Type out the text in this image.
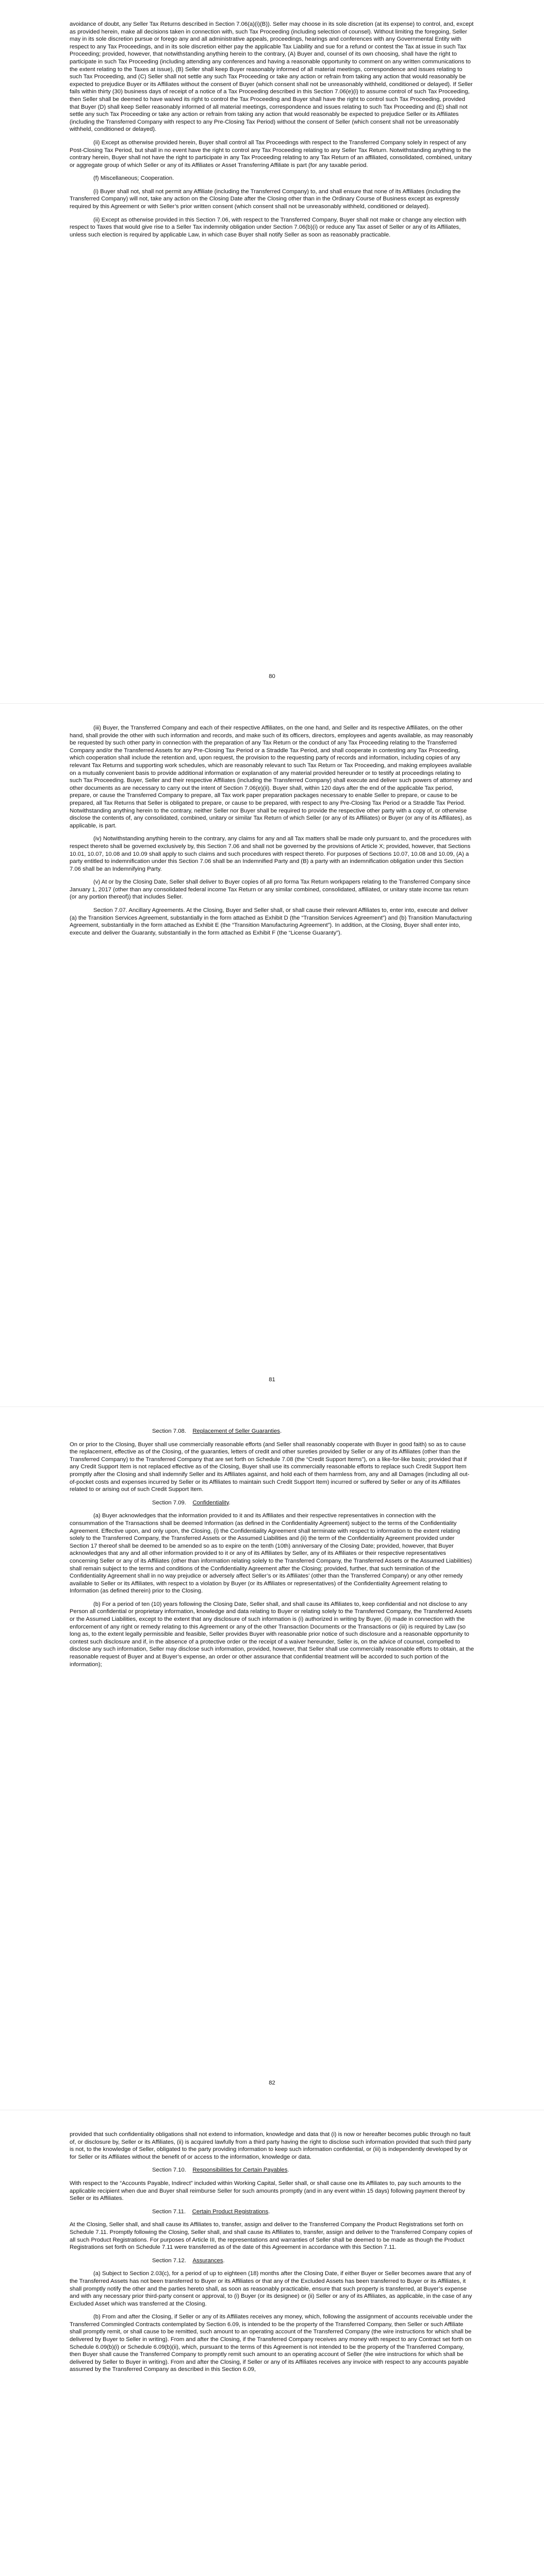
avoidance of doubt, any Seller Tax Returns described in Section 7.06(a)(i)(B)). Seller may choose in its sole discretion (at its expense) to control, and, except as provided herein, make all decisions taken in connection with, such Tax Proceeding (including selection of counsel). Without limiting the foregoing, Seller may in its sole discretion pursue or forego any and all administrative appeals, proceedings, hearings and conferences with any Governmental Entity with respect to any Tax Proceedings, and in its sole discretion either pay the applicable Tax Liability and sue for a refund or contest the Tax at issue in such Tax Proceeding; provided, however, that notwithstanding anything herein to the contrary, (A) Buyer and, counsel of its own choosing, shall have the right to participate in such Tax Proceeding (including attending any conferences and having a reasonable opportunity to comment on any written communications to the extent relating to the Taxes at issue), (B) Seller shall keep Buyer reasonably informed of all material meetings, correspondence and issues relating to such Tax Proceeding, and (C) Seller shall not settle any such Tax Proceeding or take any action or refrain from taking any action that would reasonably be expected to prejudice Buyer or its Affiliates without the consent of Buyer (which consent shall not be unreasonably withheld, conditioned or delayed). If Seller fails within thirty (30) business days of receipt of a notice of a Tax Proceeding described in this Section 7.06(e)(i) to assume control of such Tax Proceeding, then Seller shall be deemed to have waived its right to control the Tax Proceeding and Buyer shall have the right to control such Tax Proceeding, provided that Buyer (D) shall keep Seller reasonably informed of all material meetings, correspondence and issues relating to such Tax Proceeding and (E) shall not settle any such Tax Proceeding or take any action or refrain from taking any action that would reasonably be expected to prejudice Seller or its Affiliates (including the Transferred Company with respect to any Pre-Closing Tax Period) without the consent of Seller (which consent shall not be unreasonably withheld, conditioned or delayed).

(ii) Except as otherwise provided herein, Buyer shall control all Tax Proceedings with respect to the Transferred Company solely in respect of any Post-Closing Tax Period, but shall in no event have the right to control any Tax Proceeding relating to any Seller Tax Return. Notwithstanding anything to the contrary herein, Buyer shall not have the right to participate in any Tax Proceeding relating to any Tax Return of an affiliated, consolidated, combined, unitary or aggregate group of which Seller or any of its Affiliates or Asset Transferring Affiliate is part (for any taxable period.

(f) Miscellaneous; Cooperation.

(i) Buyer shall not, shall not permit any Affiliate (including the Transferred Company) to, and shall ensure that none of its Affiliates (including the Transferred Company) will not, take any action on the Closing Date after the Closing other than in the Ordinary Course of Business except as expressly required by this Agreement or with Seller’s prior written consent (which consent shall not be unreasonably withheld, conditioned or delayed).

(ii) Except as otherwise provided in this Section 7.06, with respect to the Transferred Company, Buyer shall not make or change any election with respect to Taxes that would give rise to a Seller Tax indemnity obligation under Section 7.06(b)(i) or reduce any Tax asset of Seller or any of its Affiliates, unless such election is required by applicable Law, in which case Buyer shall notify Seller as soon as reasonably practicable.

80

(iii) Buyer, the Transferred Company and each of their respective Affiliates, on the one hand, and Seller and its respective Affiliates, on the other hand, shall provide the other with such information and records, and make such of its officers, directors, employees and agents available, as may reasonably be requested by such other party in connection with the preparation of any Tax Return or the conduct of any Tax Proceeding relating to the Transferred Company and/or the Transferred Assets for any Pre-Closing Tax Period or a Straddle Tax Period, and shall cooperate in contesting any Tax Proceeding, which cooperation shall include the retention and, upon request, the provision to the requesting party of records and information, including copies of any relevant Tax Returns and supporting work schedules, which are reasonably relevant to such Tax Return or Tax Proceeding, and making employees available on a mutually convenient basis to provide additional information or explanation of any material provided hereunder or to testify at proceedings relating to such Tax Proceeding. Buyer, Seller and their respective Affiliates (including the Transferred Company) shall execute and deliver such powers of attorney and other documents as are necessary to carry out the intent of Section 7.06(e)(ii). Buyer shall, within 120 days after the end of the applicable Tax period, prepare, or cause the Transferred Company to prepare, all Tax work paper preparation packages necessary to enable Seller to prepare, or cause to be prepared, all Tax Returns that Seller is obligated to prepare, or cause to be prepared, with respect to any Pre-Closing Tax Period or a Straddle Tax Period. Notwithstanding anything herein to the contrary, neither Seller nor Buyer shall be required to provide the respective other party with a copy of, or otherwise disclose the contents of, any consolidated, combined, unitary or similar Tax Return of which Seller (or any of its Affiliates) or Buyer (or any of its Affiliates), as applicable, is part.

(iv) Notwithstanding anything herein to the contrary, any claims for any and all Tax matters shall be made only pursuant to, and the procedures with respect thereto shall be governed exclusively by, this Section 7.06 and shall not be governed by the provisions of Article X; provided, however, that Sections 10.01, 10.07, 10.08 and 10.09 shall apply to such claims and such procedures with respect thereto. For purposes of Sections 10.07, 10.08 and 10.09, (A) a party entitled to indemnification under this Section 7.06 shall be an Indemnified Party and (B) a party with an indemnification obligation under this Section 7.06 shall be an Indemnifying Party.

(v) At or by the Closing Date, Seller shall deliver to Buyer copies of all pro forma Tax Return workpapers relating to the Transferred Company since January 1, 2017 (other than any consolidated federal income Tax Return or any similar combined, consolidated, affiliated, or unitary state income tax return (or any portion thereof)) that includes Seller.

Section 7.07. Ancillary Agreements. At the Closing, Buyer and Seller shall, or shall cause their relevant Affiliates to, enter into, execute and deliver (a) the Transition Services Agreement, substantially in the form attached as Exhibit D (the “Transition Services Agreement”) and (b) Transition Manufacturing Agreement, substantially in the form attached as Exhibit E (the “Transition Manufacturing Agreement”). In addition, at the Closing, Buyer shall enter into, execute and deliver the Guaranty, substantially in the form attached as Exhibit F (the “License Guaranty”).

81

Section 7.08. Replacement of Seller Guaranties.

On or prior to the Closing, Buyer shall use commercially reasonable efforts (and Seller shall reasonably cooperate with Buyer in good faith) so as to cause the replacement, effective as of the Closing, of the guaranties, letters of credit and other sureties provided by Seller or any of its Affiliates (other than the Transferred Company) to the Transferred Company that are set forth on Schedule 7.08 (the “Credit Support Items”), on a like-for-like basis; provided that if any Credit Support Item is not replaced effective as of the Closing, Buyer shall use its commercially reasonable efforts to replace such Credit Support Item promptly after the Closing and shall indemnify Seller and its Affiliates against, and hold each of them harmless from, any and all Damages (including all out-of-pocket costs and expenses incurred by Seller or its Affiliates to maintain such Credit Support Item) incurred or suffered by Seller or any of its Affiliates related to or arising out of such Credit Support Item.

Section 7.09. Confidentiality.

(a) Buyer acknowledges that the information provided to it and its Affiliates and their respective representatives in connection with the consummation of the Transactions shall be deemed Information (as defined in the Confidentiality Agreement) subject to the terms of the Confidentiality Agreement. Effective upon, and only upon, the Closing, (i) the Confidentiality Agreement shall terminate with respect to information to the extent relating solely to the Transferred Company, the Transferred Assets or the Assumed Liabilities and (ii) the term of the Confidentiality Agreement provided under Section 17 thereof shall be deemed to be amended so as to expire on the tenth (10th) anniversary of the Closing Date; provided, however, that Buyer acknowledges that any and all other information provided to it or any of its Affiliates by Seller, any of its Affiliates or their respective representatives concerning Seller or any of its Affiliates (other than information relating solely to the Transferred Company, the Transferred Assets or the Assumed Liabilities) shall remain subject to the terms and conditions of the Confidentiality Agreement after the Closing; provided, further, that such termination of the Confidentiality Agreement shall in no way prejudice or adversely affect Seller’s or its Affiliates’ (other than the Transferred Company) or any other remedy available to Seller or its Affiliates, with respect to a violation by Buyer (or its Affiliates or representatives) of the Confidentiality Agreement relating to Information (as defined therein) prior to the Closing.

(b) For a period of ten (10) years following the Closing Date, Seller shall, and shall cause its Affiliates to, keep confidential and not disclose to any Person all confidential or proprietary information, knowledge and data relating to Buyer or relating solely to the Transferred Company, the Transferred Assets or the Assumed Liabilities, except to the extent that any disclosure of such information is (i) authorized in writing by Buyer, (ii) made in connection with the enforcement of any right or remedy relating to this Agreement or any of the other Transaction Documents or the Transactions or (iii) is required by Law (so long as, to the extent legally permissible and feasible, Seller provides Buyer with reasonable prior notice of such disclosure and a reasonable opportunity to contest such disclosure and if, in the absence of a protective order or the receipt of a waiver hereunder, Seller is, on the advice of counsel, compelled to disclose any such information, Seller may disclose such information, provided, however, that Seller shall use commercially reasonable efforts to obtain, at the reasonable request of Buyer and at Buyer’s expense, an order or other assurance that confidential treatment will be accorded to such portion of the information);

82

provided that such confidentiality obligations shall not extend to information, knowledge and data that (i) is now or hereafter becomes public through no fault of, or disclosure by, Seller or its Affiliates, (ii) is acquired lawfully from a third party having the right to disclose such information provided that such third party is not, to the knowledge of Seller, obligated to the party providing information to keep such information confidential, or (iii) is independently developed by or for Seller or its Affiliates without the benefit of or access to the information, knowledge or data.

Section 7.10. Responsibilities for Certain Payables.

With respect to the “Accounts Payable, Indirect” included within Working Capital, Seller shall, or shall cause one its Affiliates to, pay such amounts to the applicable recipient when due and Buyer shall reimburse Seller for such amounts promptly (and in any event within 15 days) following payment thereof by Seller or its Affiliates.

Section 7.11. Certain Product Registrations.

At the Closing, Seller shall, and shall cause its Affiliates to, transfer, assign and deliver to the Transferred Company the Product Registrations set forth on Schedule 7.11. Promptly following the Closing, Seller shall, and shall cause its Affiliates to, transfer, assign and deliver to the Transferred Company copies of all such Product Registrations. For purposes of Article III, the representations and warranties of Seller shall be deemed to be made as though the Product Registrations set forth on Schedule 7.11 were transferred as of the date of this Agreement in accordance with this Section 7.11.

Section 7.12. Assurances.

(a) Subject to Section 2.03(c), for a period of up to eighteen (18) months after the Closing Date, if either Buyer or Seller becomes aware that any of the Transferred Assets has not been transferred to Buyer or its Affiliates or that any of the Excluded Assets has been transferred to Buyer or its Affiliates, it shall promptly notify the other and the parties hereto shall, as soon as reasonably practicable, ensure that such property is transferred, at Buyer’s expense and with any necessary prior third-party consent or approval, to (i) Buyer (or its designee) or (ii) Seller or any of its Affiliates, as applicable, in the case of any Excluded Asset which was transferred at the Closing.

(b) From and after the Closing, if Seller or any of its Affiliates receives any money, which, following the assignment of accounts receivable under the Transferred Commingled Contracts contemplated by Section 6.09, is intended to be the property of the Transferred Company, then Seller or such Affiliate shall promptly remit, or shall cause to be remitted, such amount to an operating account of the Transferred Company (the wire instructions for which shall be delivered by Buyer to Seller in writing). From and after the Closing, if the Transferred Company receives any money with respect to any Contract set forth on Schedule 6.09(b)(i) or Schedule 6.09(b)(ii), which, pursuant to the terms of this Agreement is not intended to be the property of the Transferred Company, then Buyer shall cause the Transferred Company to promptly remit such amount to an operating account of Seller (the wire instructions for which shall be delivered by Seller to Buyer in writing). From and after the Closing, if Seller or any of its Affiliates receives any invoice with respect to any accounts payable assumed by the Transferred Company as described in this Section 6.09,
